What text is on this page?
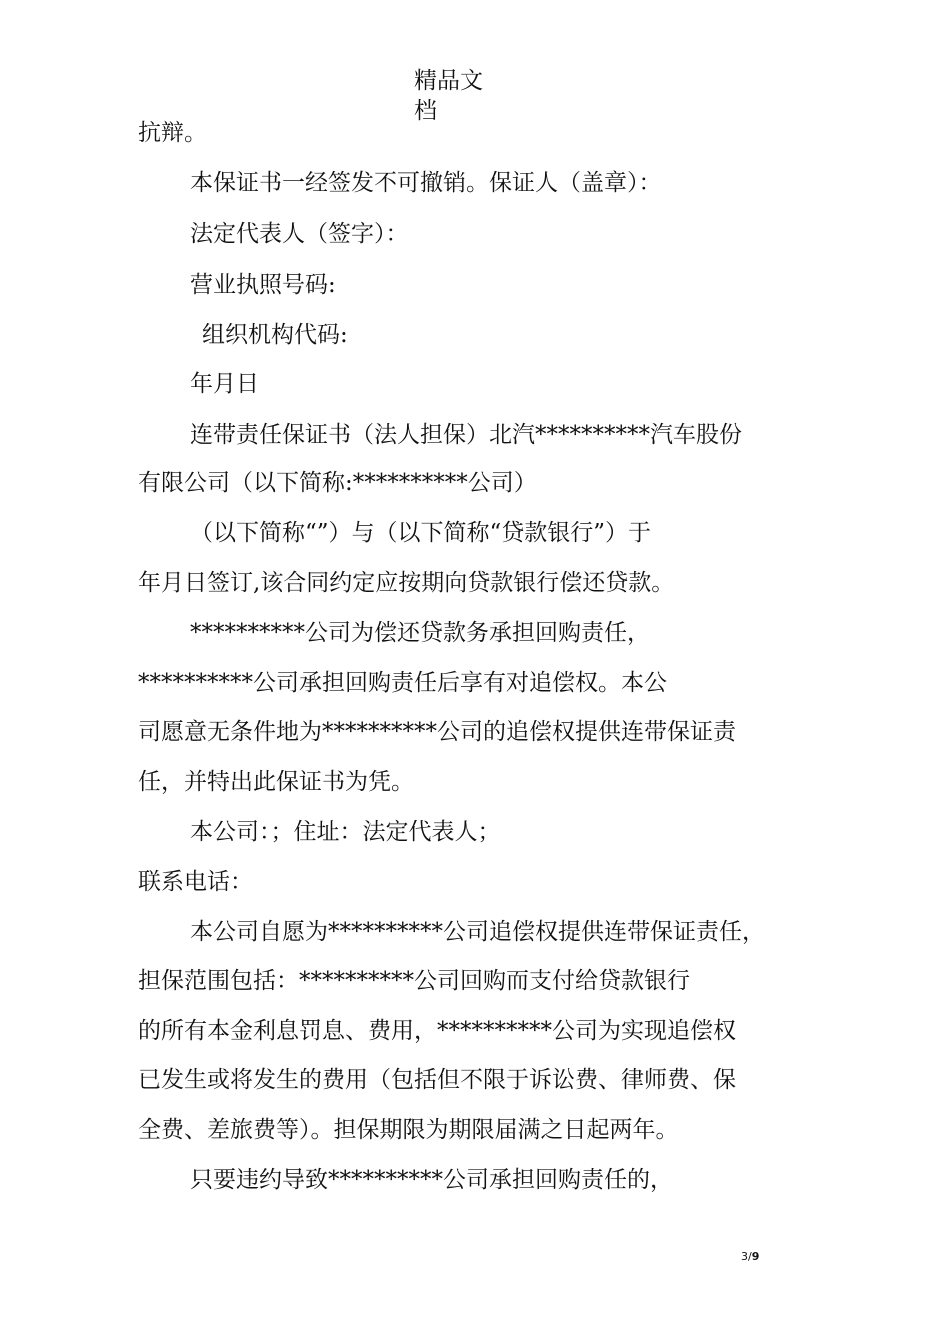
精品文
档
抗辩。
本保证书一经签发不可撤销。保证人（盖章）：
法定代表人（签字）：
营业执照号码:
组织机构代码:
年月日
连带责任保证书（法人担保）北汽**********汽车股份
有限公司（以下简称:**********公司）
（以下简称“”）与（以下简称“贷款银行”）于
年月日签订,该合同约定应按期向贷款银行偿还贷款。
**********公司为偿还贷款务承担回购责任，
**********公司承担回购责任后享有对追偿权。本公
司愿意无条件地为**********公司的追偿权提供连带保证责
任，并特出此保证书为凭。
本公司：；住址：法定代表人；
联系电话：
本公司自愿为**********公司追偿权提供连带保证责任，
担保范围包括：**********公司回购而支付给贷款银行
的所有本金利息罚息、费用，**********公司为实现追偿权
已发生或将发生的费用（包括但不限于诉讼费、律师费、保
全费、差旅费等）。担保期限为期限届满之日起两年。
只要违约导致**********公司承担回购责任的，
3/9
